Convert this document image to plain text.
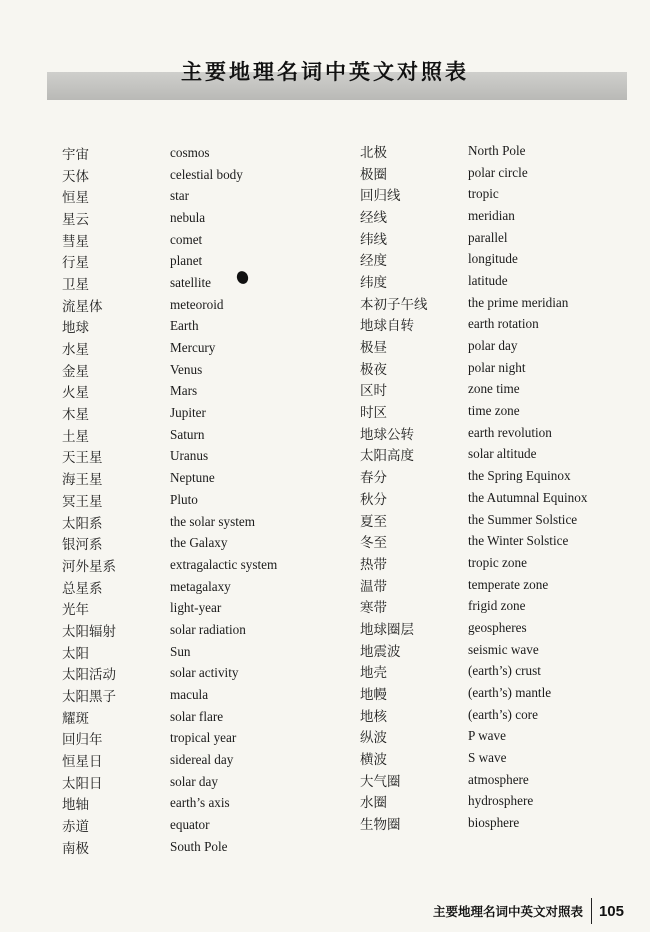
主要地理名词中英文对照表
宇宙	cosmos
天体	celestial body
恒星	star
星云	nebula
彗星	comet
行星	planet
卫星	satellite
流星体	meteoroid
地球	Earth
水星	Mercury
金星	Venus
火星	Mars
木星	Jupiter
土星	Saturn
天王星	Uranus
海王星	Neptune
冥王星	Pluto
太阳系	the solar system
银河系	the Galaxy
河外星系	extragalactic system
总星系	metagalaxy
光年	light-year
太阳辐射	solar radiation
太阳	Sun
太阳活动	solar activity
太阳黑子	macula
耀斑	solar flare
回归年	tropical year
恒星日	sidereal day
太阳日	solar day
地轴	earth’s axis
赤道	equator
南极	South Pole
北极	North Pole
极圈	polar circle
回归线	tropic
经线	meridian
纬线	parallel
经度	longitude
纬度	latitude
本初子午线	the prime meridian
地球自转	earth rotation
极昼	polar day
极夜	polar night
区时	zone time
时区	time zone
地球公转	earth revolution
太阳高度	solar altitude
春分	the Spring Equinox
秋分	the Autumnal Equinox
夏至	the Summer Solstice
冬至	the Winter Solstice
热带	tropic zone
温带	temperate zone
寒带	frigid zone
地球圈层	geospheres
地震波	seismic wave
地壳	(earth’s) crust
地幔	(earth’s) mantle
地核	(earth’s) core
纵波	P wave
横波	S wave
大气圈	atmosphere
水圈	hydrosphere
生物圈	biosphere
主要地理名词中英文对照表	105
